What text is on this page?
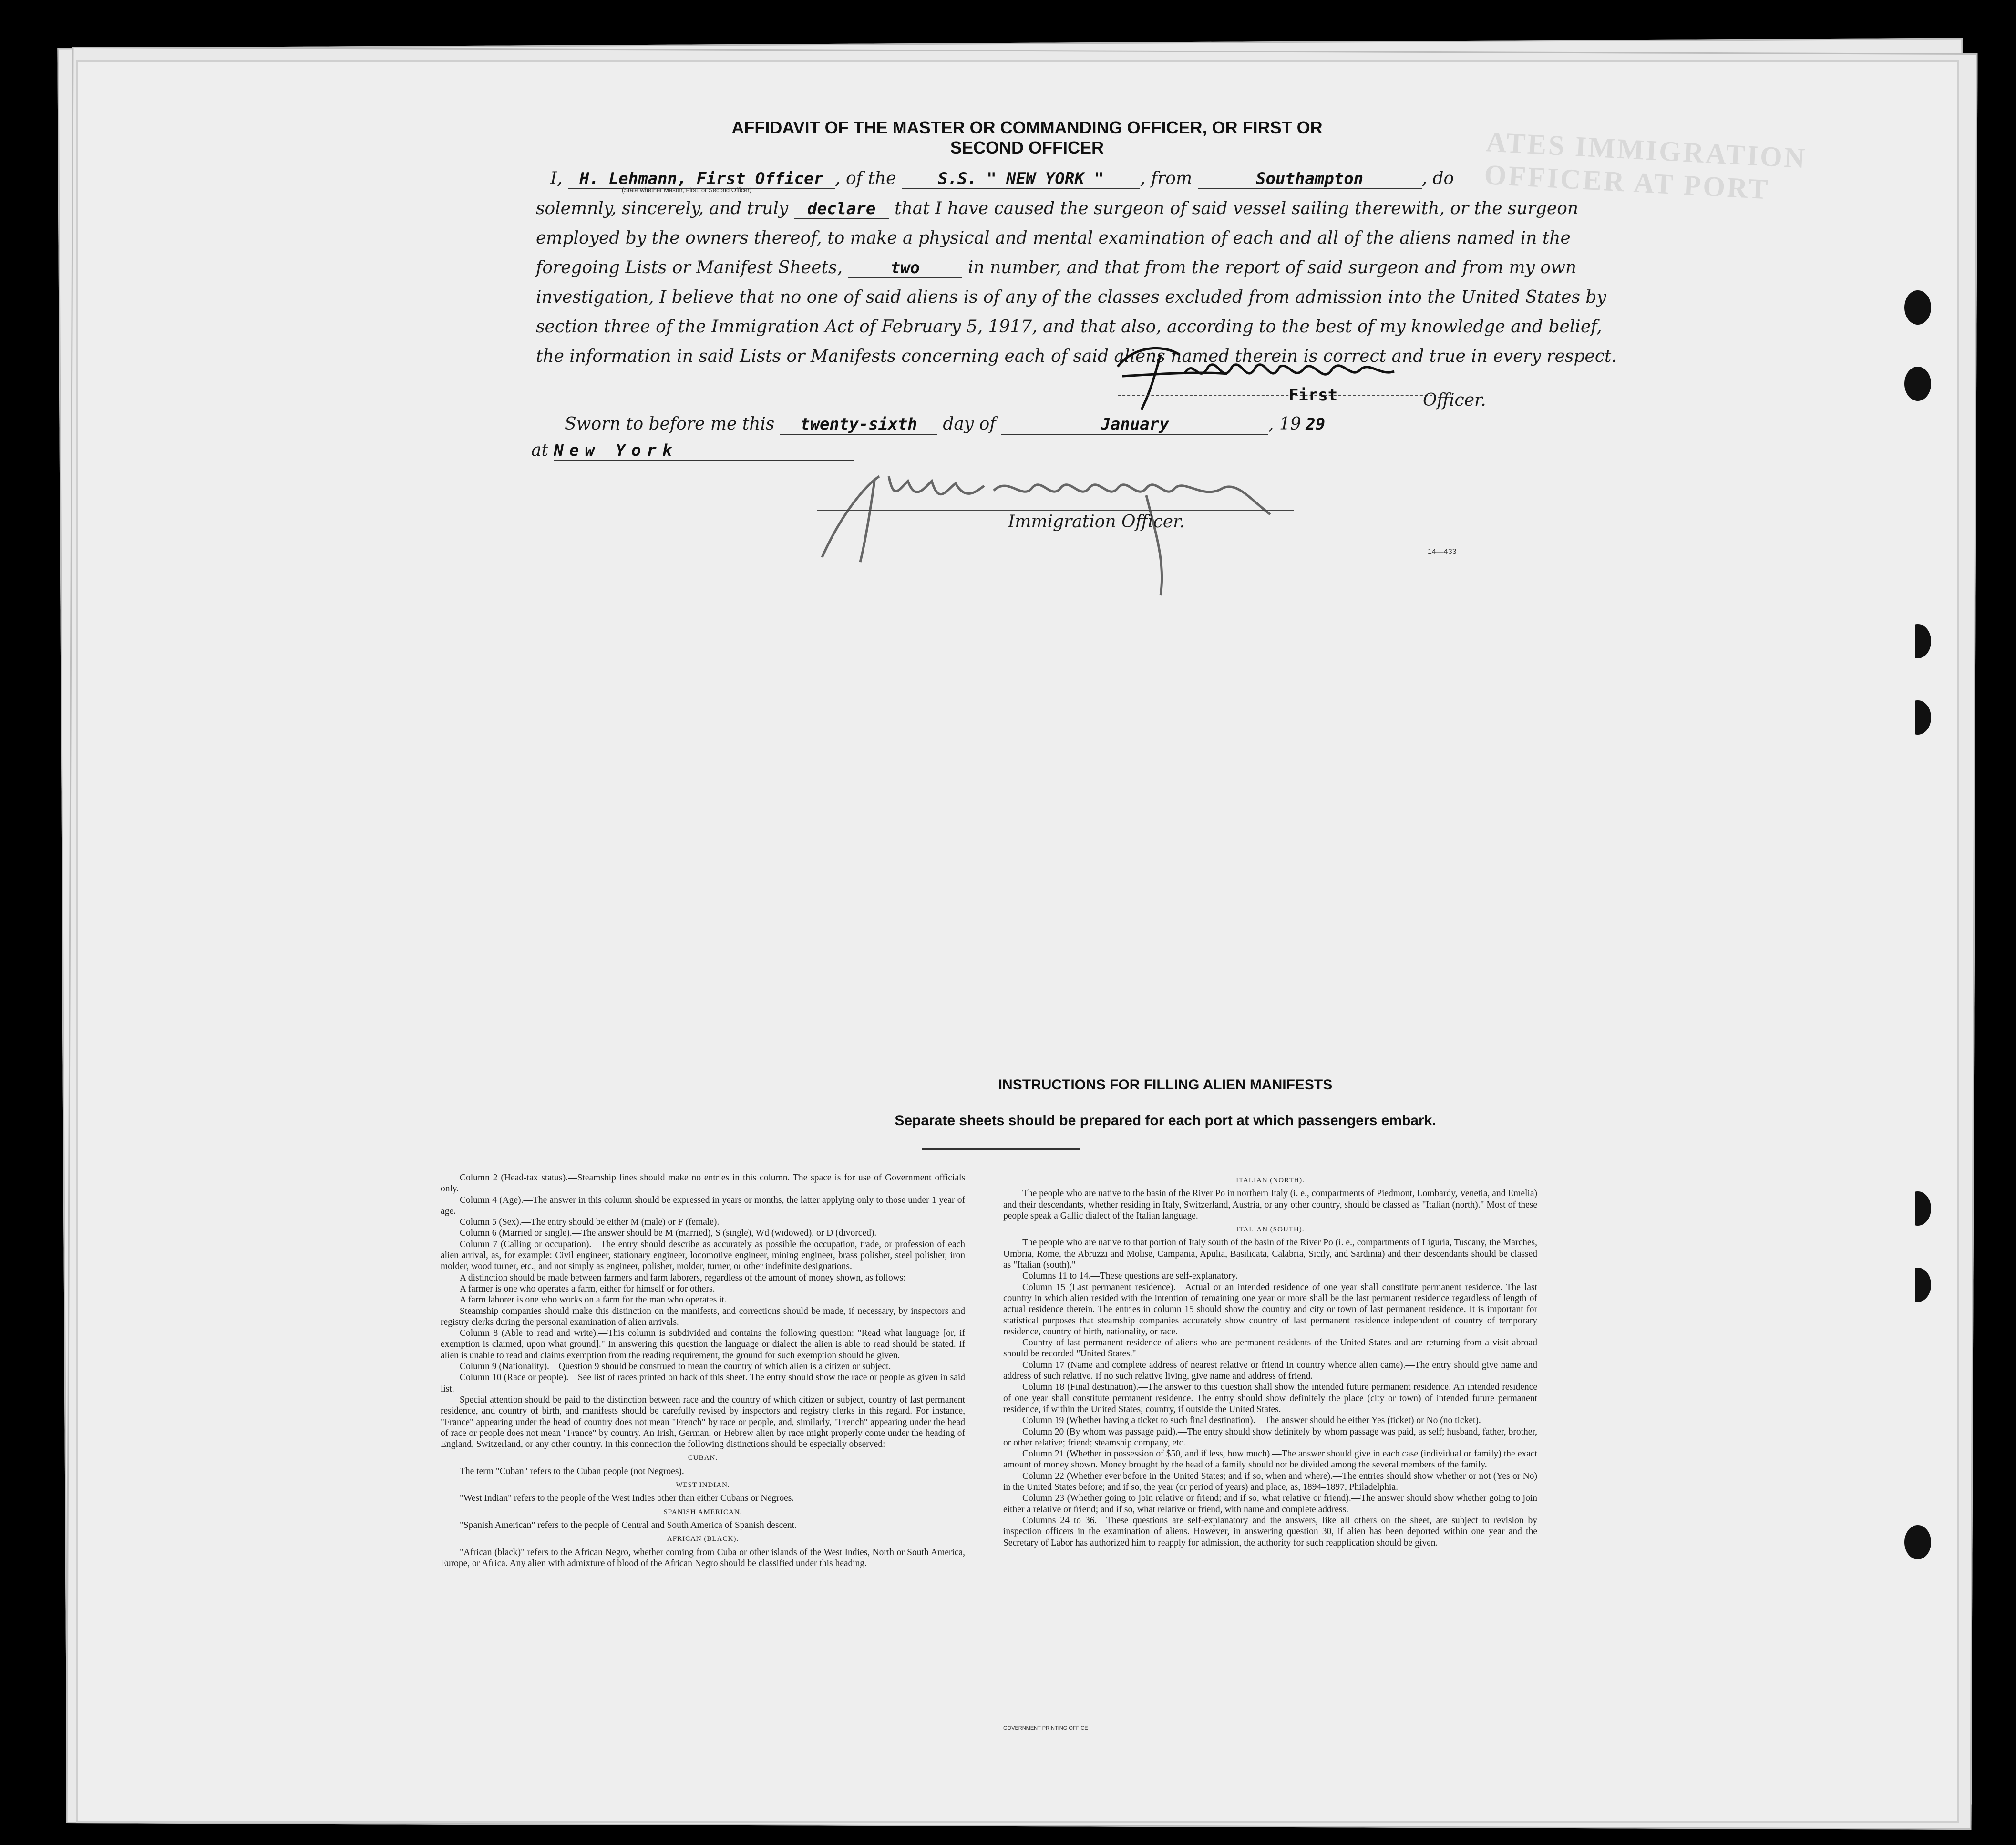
ATES IMMIGRATION OFFICER AT PORT
AFFIDAVIT OF THE MASTER OR COMMANDING OFFICER, OR FIRST OR SECOND OFFICER
I, H. Lehmann, First Officer , of the	S.S. " NEW YORK " , from	Southampton	, do
(State whether Master, First, or Second Officer)
solemnly, sincerely, and truly declare that I have caused the surgeon of said vessel sailing therewith, or the surgeon
employed by the owners thereof, to make a physical and mental examination of each and all of the aliens named in the
foregoing Lists or Manifest Sheets,	two	in number, and that from the report of said surgeon and from my own
investigation, I believe that no one of said aliens is of any of the classes excluded from admission into the United States by
section three of the Immigration Act of February 5, 1917, and that also, according to the best of my knowledge and belief,
the information in said Lists or Manifests concerning each of said aliens named therein is correct and true in every respect.
First	Officer.
Sworn to before me this twenty-sixth day of	January	, 19 29
at New York
Immigration Officer.
14—433
INSTRUCTIONS FOR FILLING ALIEN MANIFESTS
Separate sheets should be prepared for each port at which passengers embark.

Column 2 (Head-tax status).—Steamship lines should make no entries in this column. The space is for use of Government officials only.

Column 4 (Age).—The answer in this column should be expressed in years or months, the latter applying only to those under 1 year of age.

Column 5 (Sex).—The entry should be either M (male) or F (female).

Column 6 (Married or single).—The answer should be M (married), S (single), Wd (widowed), or D (divorced).

Column 7 (Calling or occupation).—The entry should describe as accurately as possible the occupation, trade, or profession of each alien arrival, as, for example: Civil engineer, stationary engineer, locomotive engineer, mining engineer, brass polisher, steel polisher, iron molder, wood turner, etc., and not simply as engineer, polisher, molder, turner, or other indefinite designations.

A distinction should be made between farmers and farm laborers, regardless of the amount of money shown, as follows:

A farmer is one who operates a farm, either for himself or for others.

A farm laborer is one who works on a farm for the man who operates it.

Steamship companies should make this distinction on the manifests, and corrections should be made, if necessary, by inspectors and registry clerks during the personal examination of alien arrivals.

Column 8 (Able to read and write).—This column is subdivided and contains the following question: "Read what language [or, if exemption is claimed, upon what ground]." In answering this question the language or dialect the alien is able to read should be stated. If alien is unable to read and claims exemption from the reading requirement, the ground for such exemption should be given.

Column 9 (Nationality).—Question 9 should be construed to mean the country of which alien is a citizen or subject.

Column 10 (Race or people).—See list of races printed on back of this sheet. The entry should show the race or people as given in said list.

Special attention should be paid to the distinction between race and the country of which citizen or subject, country of last permanent residence, and country of birth, and manifests should be carefully revised by inspectors and registry clerks in this regard. For instance, "France" appearing under the head of country does not mean "French" by race or people, and, similarly, "French" appearing under the head of race or people does not mean "France" by country. An Irish, German, or Hebrew alien by race might properly come under the heading of England, Switzerland, or any other country. In this connection the following distinctions should be especially observed:

CUBAN.

The term "Cuban" refers to the Cuban people (not Negroes).

WEST INDIAN.

"West Indian" refers to the people of the West Indies other than either Cubans or Negroes.

SPANISH AMERICAN.

"Spanish American" refers to the people of Central and South America of Spanish descent.

AFRICAN (BLACK).

"African (black)" refers to the African Negro, whether coming from Cuba or other islands of the West Indies, North or South America, Europe, or Africa. Any alien with admixture of blood of the African Negro should be classified under this heading.

ITALIAN (NORTH).

The people who are native to the basin of the River Po in northern Italy (i. e., compartments of Piedmont, Lombardy, Venetia, and Emelia) and their descendants, whether residing in Italy, Switzerland, Austria, or any other country, should be classed as "Italian (north)." Most of these people speak a Gallic dialect of the Italian language.

ITALIAN (SOUTH).

The people who are native to that portion of Italy south of the basin of the River Po (i. e., compartments of Liguria, Tuscany, the Marches, Umbria, Rome, the Abruzzi and Molise, Campania, Apulia, Basilicata, Calabria, Sicily, and Sardinia) and their descendants should be classed as "Italian (south)."

Columns 11 to 14.—These questions are self-explanatory.

Column 15 (Last permanent residence).—Actual or an intended residence of one year shall constitute permanent residence. The last country in which alien resided with the intention of remaining one year or more shall be the last permanent residence regardless of length of actual residence therein. The entries in column 15 should show the country and city or town of last permanent residence. It is important for statistical purposes that steamship companies accurately show country of last permanent residence independent of country of temporary residence, country of birth, nationality, or race.

Country of last permanent residence of aliens who are permanent residents of the United States and are returning from a visit abroad should be recorded "United States."

Column 17 (Name and complete address of nearest relative or friend in country whence alien came).—The entry should give name and address of such relative. If no such relative living, give name and address of friend.

Column 18 (Final destination).—The answer to this question shall show the intended future permanent residence. An intended residence of one year shall constitute permanent residence. The entry should show definitely the place (city or town) of intended future permanent residence, if within the United States; country, if outside the United States.

Column 19 (Whether having a ticket to such final destination).—The answer should be either Yes (ticket) or No (no ticket).

Column 20 (By whom was passage paid).—The entry should show definitely by whom passage was paid, as self; husband, father, brother, or other relative; friend; steamship company, etc.

Column 21 (Whether in possession of $50, and if less, how much).—The answer should give in each case (individual or family) the exact amount of money shown. Money brought by the head of a family should not be divided among the several members of the family.

Column 22 (Whether ever before in the United States; and if so, when and where).—The entries should show whether or not (Yes or No) in the United States before; and if so, the year (or period of years) and place, as, 1894–1897, Philadelphia.

Column 23 (Whether going to join relative or friend; and if so, what relative or friend).—The answer should show whether going to join either a relative or friend; and if so, what relative or friend, with name and complete address.

Columns 24 to 36.—These questions are self-explanatory and the answers, like all others on the sheet, are subject to revision by inspection officers in the examination of aliens. However, in answering question 30, if alien has been deported within one year and the Secretary of Labor has authorized him to reapply for admission, the authority for such reapplication should be given.

GOVERNMENT PRINTING OFFICE
